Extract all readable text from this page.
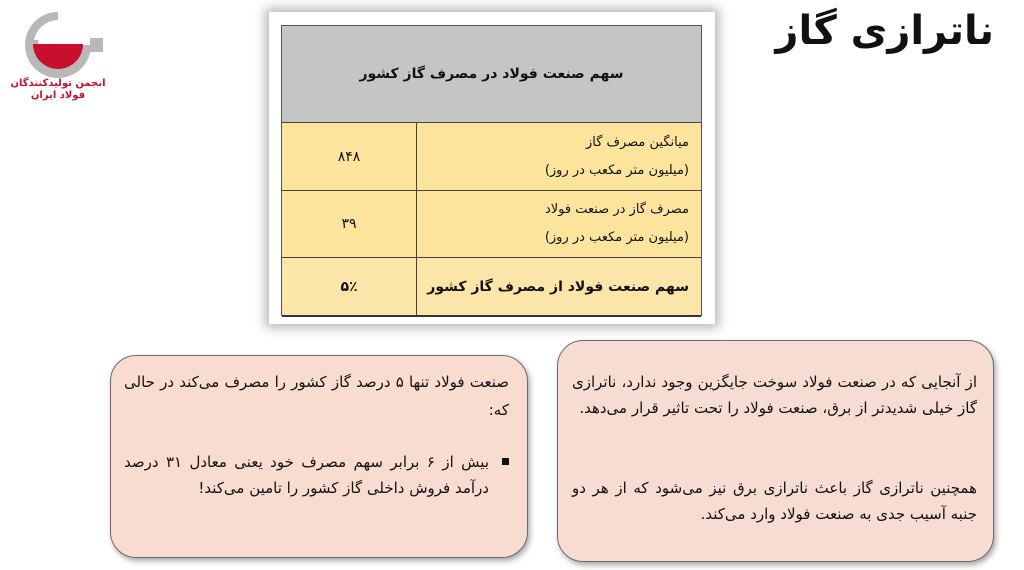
انجمن تولیدکنندگان
فولاد ایران
ناترازی گاز
سهم صنعت فولاد در مصرف گاز کشور
۸۴۸
میانگین مصرف گاز
(میلیون متر مکعب در روز)
۳۹
مصرف گاز در صنعت فولاد
(میلیون متر مکعب در روز)
۵٪	سهم صنعت فولاد از مصرف گاز کشور
صنعت فولاد تنها ۵ درصد گاز کشور را مصرف می‌کند در حالی که:
بیش از ۶ برابر سهم مصرف خود یعنی معادل ۳۱ درصد درآمد فروش داخلی گاز کشور را تامین می‌کند!
از آنجایی که در صنعت فولاد سوخت جایگزین وجود ندارد، ناترازی گاز خیلی شدیدتر از برق، صنعت فولاد را تحت تاثیر قرار می‌دهد.
همچنین ناترازی گاز باعث ناترازی برق نیز می‌شود که از هر دو جنبه آسیب جدی به صنعت فولاد وارد می‌کند.
